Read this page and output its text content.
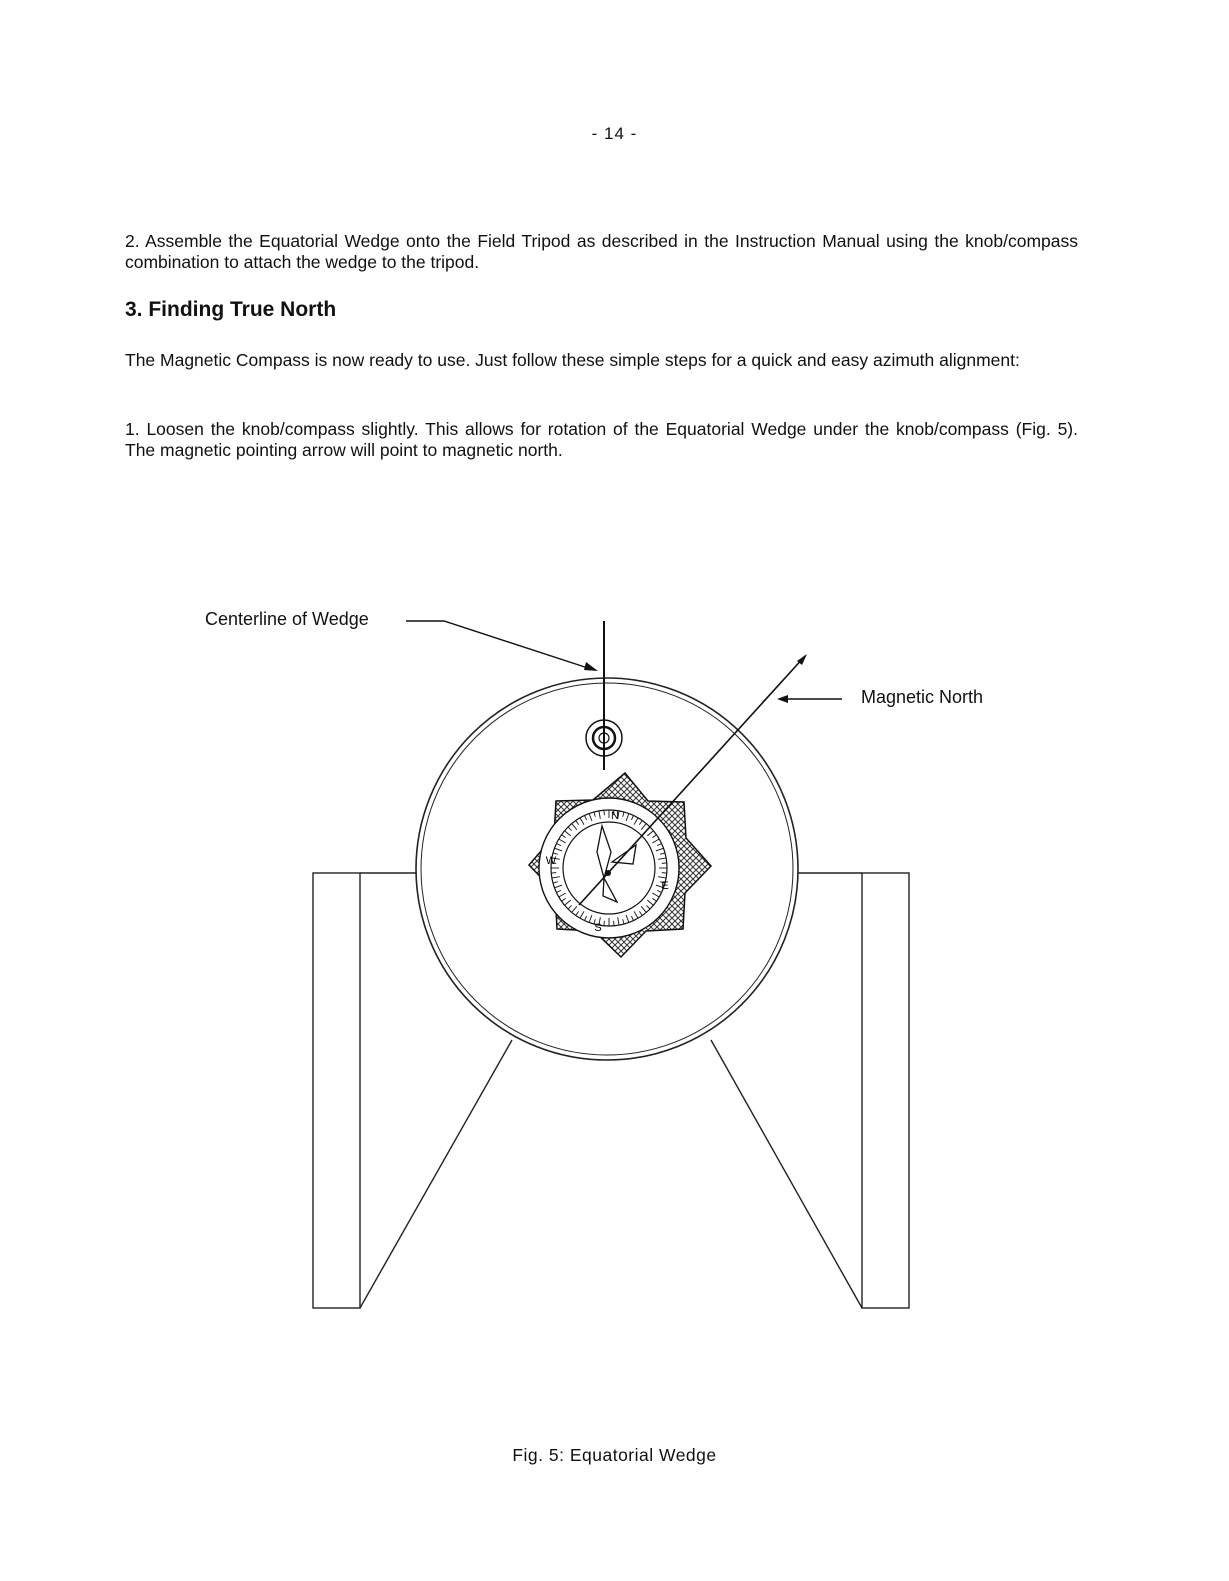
- 14 -

2. Assemble the Equatorial Wedge onto the Field Tripod as described in the Instruction Manual using the knob/compass combination to attach the wedge to the tripod.

3. Finding True North

The Magnetic Compass is now ready to use. Just follow these simple steps for a quick and easy azimuth alignment:

1. Loosen the knob/compass slightly. This allows for rotation of the Equatorial Wedge under the knob/compass (Fig. 5). The magnetic pointing arrow will point to magnetic north.

N
S
E
W
Centerline of Wedge
Magnetic North

Fig. 5: Equatorial Wedge
